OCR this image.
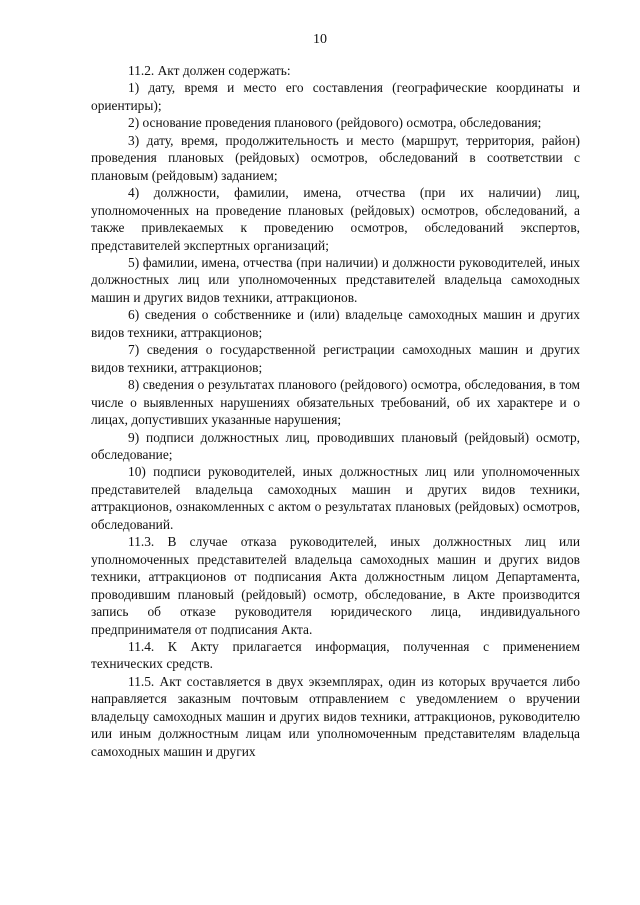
10

11.2. Акт должен содержать:

1) дату, время и место его составления (географические координаты и ориентиры);

2) основание проведения планового (рейдового) осмотра, обследования;

3) дату, время, продолжительность и место (маршрут, территория, район) проведения плановых (рейдовых) осмотров, обследований в соответствии с плановым (рейдовым) заданием;

4) должности, фамилии, имена, отчества (при их наличии) лиц, уполномоченных на проведение плановых (рейдовых) осмотров, обследований, а также привлекаемых к проведению осмотров, обследований экспертов, представителей экспертных организаций;

5) фамилии, имена, отчества (при наличии) и должности руководителей, иных должностных лиц или уполномоченных представителей владельца самоходных машин и других видов техники, аттракционов.

6) сведения о собственнике и (или) владельце самоходных машин и других видов техники, аттракционов;

7) сведения о государственной регистрации самоходных машин и других видов техники, аттракционов;

8) сведения о результатах планового (рейдового) осмотра, обследования, в том числе о выявленных нарушениях обязательных требований, об их характере и о лицах, допустивших указанные нарушения;

9) подписи должностных лиц, проводивших плановый (рейдовый) осмотр, обследование;

10) подписи руководителей, иных должностных лиц или уполномоченных представителей владельца самоходных машин и других видов техники, аттракционов, ознакомленных с актом о результатах плановых (рейдовых) осмотров, обследований.

11.3. В случае отказа руководителей, иных должностных лиц или уполномоченных представителей владельца самоходных машин и других видов техники, аттракционов от подписания Акта должностным лицом Департамента, проводившим плановый (рейдовый) осмотр, обследование, в Акте производится запись об отказе руководителя юридического лица, индивидуального предпринимателя от подписания Акта.

11.4. К Акту прилагается информация, полученная с применением технических средств.

11.5. Акт составляется в двух экземплярах, один из которых вручается либо направляется заказным почтовым отправлением с уведомлением о вручении владельцу самоходных машин и других видов техники, аттракционов, руководителю или иным должностным лицам или уполномоченным представителям владельца самоходных машин и других
